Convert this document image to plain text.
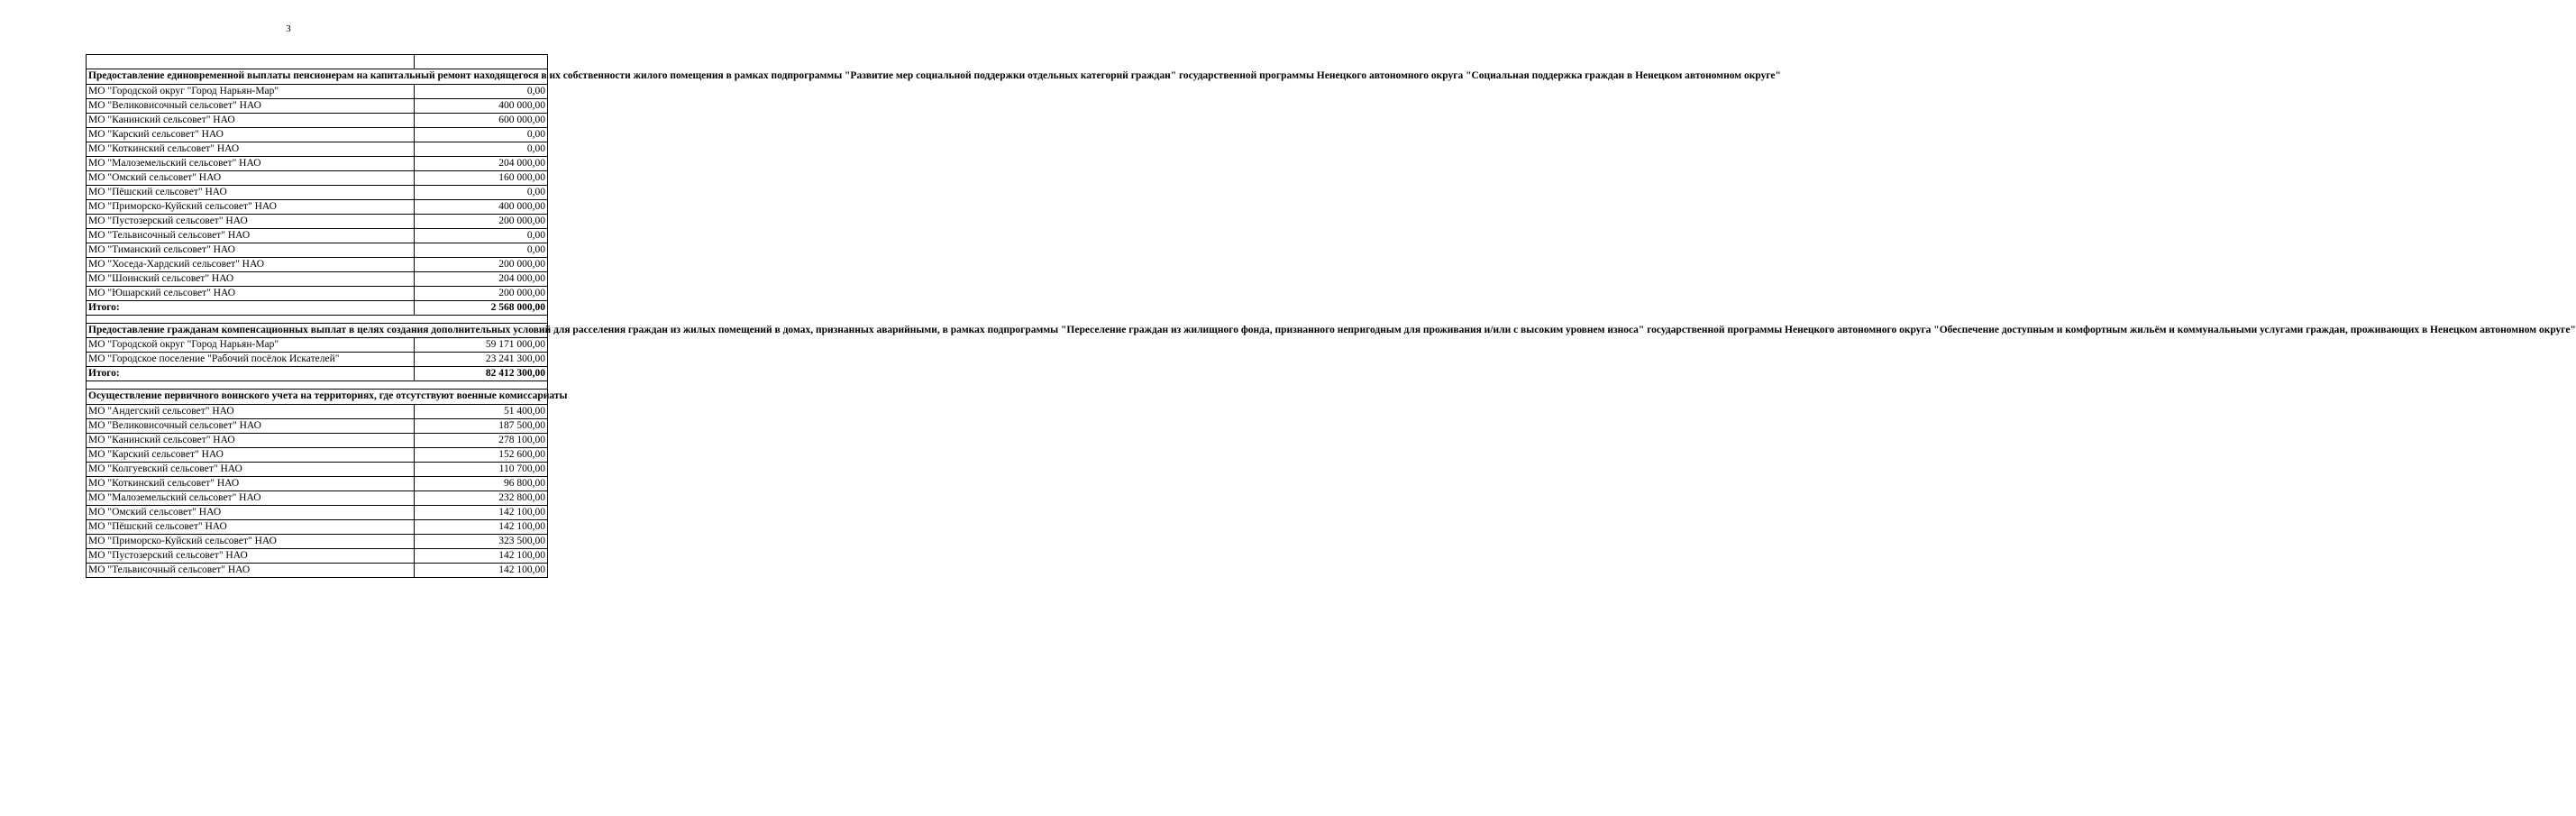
3

Предоставление единовременной выплаты пенсионерам на капитальный ремонт находящегося в их собственности жилого помещения в рамках подпрограммы "Развитие мер социальной поддержки отдельных категорий граждан" государственной программы Ненецкого автономного округа "Социальная поддержка граждан в Ненецком автономном округе"	
МО "Городской округ "Город Нарьян-Мар"	0,00
МО "Великовисочный сельсовет" НАО	400 000,00
МО "Канинский сельсовет" НАО	600 000,00
МО "Карский сельсовет" НАО	0,00
МО "Коткинский сельсовет" НАО	0,00
МО "Малоземельский сельсовет" НАО	204 000,00
МО "Омский сельсовет" НАО	160 000,00
МО "Пёшский сельсовет" НАО	0,00
МО "Приморско-Куйский сельсовет" НАО	400 000,00
МО "Пустозерский сельсовет" НАО	200 000,00
МО "Тельвисочный сельсовет" НАО	0,00
МО "Тиманский сельсовет" НАО	0,00
МО "Хоседа-Хардский сельсовет" НАО	200 000,00
МО "Шоинский сельсовет" НАО	204 000,00
МО "Юшарский сельсовет" НАО	200 000,00
Итого:	2 568 000,00

Предоставление гражданам компенсационных выплат в целях создания дополнительных условий для расселения граждан из жилых помещений в домах, признанных аварийными, в рамках подпрограммы "Переселение граждан из жилищного фонда, признанного непригодным для проживания и/или с высоким уровнем износа" государственной программы Ненецкого автономного округа "Обеспечение доступным и комфортным жильём и коммунальными услугами граждан, проживающих в Ненецком автономном округе"	
МО "Городской округ "Город Нарьян-Мар"	59 171 000,00
МО "Городское поселение "Рабочий посёлок Искателей"	23 241 300,00
Итого:	82 412 300,00

Осуществление первичного воинского учета на территориях, где отсутствуют военные комиссариаты	
МО "Андегский сельсовет" НАО	51 400,00
МО "Великовисочный сельсовет" НАО	187 500,00
МО "Канинский сельсовет" НАО	278 100,00
МО "Карский сельсовет" НАО	152 600,00
МО "Колгуевский сельсовет" НАО	110 700,00
МО "Коткинский сельсовет" НАО	96 800,00
МО "Малоземельский сельсовет" НАО	232 800,00
МО "Омский сельсовет" НАО	142 100,00
МО "Пёшский сельсовет" НАО	142 100,00
МО "Приморско-Куйский сельсовет" НАО	323 500,00
МО "Пустозерский сельсовет" НАО	142 100,00
МО "Тельвисочный сельсовет" НАО	142 100,00
